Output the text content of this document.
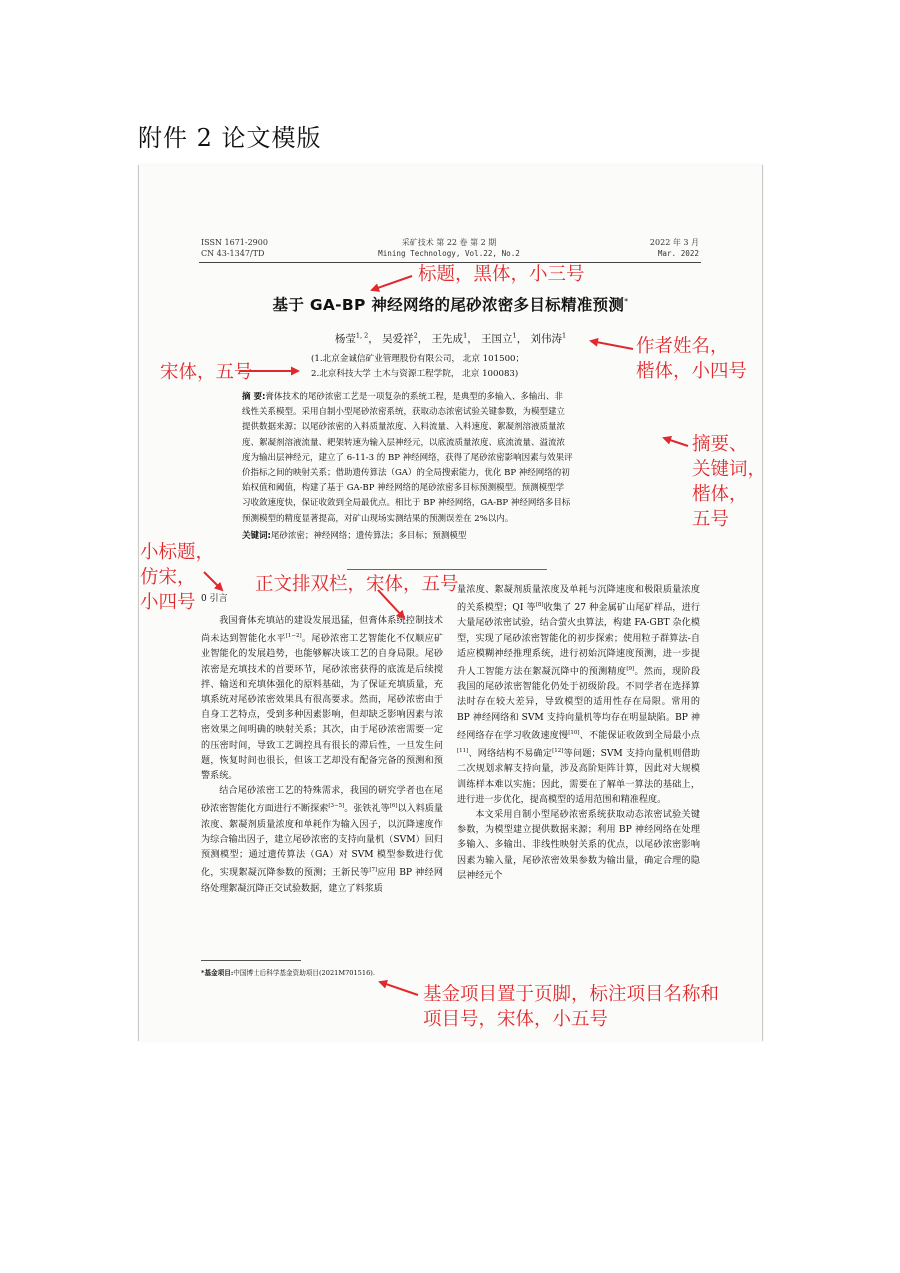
附件 2 论文模版
ISSN 1671-2900
CN 43-1347/TD
采矿技术 第 22 卷 第 2 期
Mining Technology, Vol.22, No.2
2022 年 3 月
Mar. 2022
基于 GA-BP 神经网络的尾砂浓密多目标精准预测*
杨莹$^{1, 2}$， 吴爱祥$^2$， 王先成$^1$， 王国立$^1$， 刘伟涛$^1$
(1.北京金诚信矿业管理股份有限公司， 北京 101500；
2.北京科技大学 土木与资源工程学院， 北京 100083)
摘 要:膏体技术的尾砂浓密工艺是一项复杂的系统工程，是典型的多输入、多输出、非
线性关系模型。采用自制小型尾砂浓密系统，获取动态浓密试验关键参数，为模型建立
提供数据来源；以尾砂浓密的入料质量浓度、入料流量、入料速度、絮凝剂溶液质量浓
度、絮凝剂溶液流量、耙架转速为输入层神经元，以底流质量浓度、底流流量、溢流浓
度为输出层神经元，建立了 6-11-3 的 BP 神经网络，获得了尾砂浓密影响因素与效果评
价指标之间的映射关系；借助遗传算法（GA）的全局搜索能力，优化 BP 神经网络的初
始权值和阈值，构建了基于 GA-BP 神经网络的尾砂浓密多目标预测模型。预测模型学
习收敛速度快，保证收敛到全局最优点。相比于 BP 神经网络，GA-BP 神经网络多目标
预测模型的精度显著提高，对矿山现场实测结果的预测误差在 2%以内。
关键词:尾砂浓密；神经网络；遗传算法；多目标；预测模型
0 引言

我国膏体充填站的建设发展迅猛，但膏体系统控制技术尚未达到智能化水平[1−2]。尾砂浓密工艺智能化不仅顺应矿业智能化的发展趋势，也能够解决该工艺的自身局限。尾砂浓密是充填技术的首要环节，尾砂浓密获得的底流是后续搅拌、输送和充填体强化的原料基础，为了保证充填质量，充填系统对尾砂浓密效果具有很高要求。然而，尾砂浓密由于自身工艺特点，受到多种因素影响，但却缺乏影响因素与浓密效果之间明确的映射关系；其次，由于尾砂浓密需要一定的压密时间，导致工艺调控具有很长的滞后性，一旦发生问题，恢复时间也很长，但该工艺却没有配备完备的预测和预警系统。

结合尾砂浓密工艺的特殊需求，我国的研究学者也在尾砂浓密智能化方面进行不断探索[3−5]。张铁礼等[6]以入料质量浓度、絮凝剂质量浓度和单耗作为输入因子，以沉降速度作为综合输出因子，建立尾砂浓密的支持向量机（SVM）回归预测模型；通过遗传算法（GA）对 SVM 模型参数进行优化，实现絮凝沉降参数的预测；王新民等[7]应用 BP 神经网络处理絮凝沉降正交试验数据，建立了料浆质

量浓度、絮凝剂质量浓度及单耗与沉降速度和极限质量浓度的关系模型；QI 等[8]收集了 27 种金属矿山尾矿样品，进行大量尾砂浓密试验，结合萤火虫算法，构建 FA-GBT 杂化模型，实现了尾砂浓密智能化的初步探索；使用粒子群算法-自适应模糊神经推理系统，进行初始沉降速度预测，进一步提升人工智能方法在絮凝沉降中的预测精度[9]。然而，现阶段我国的尾砂浓密智能化仍处于初级阶段。不同学者在选择算法时存在较大差异，导致模型的适用性存在局限。常用的 BP 神经网络和 SVM 支持向量机等均存在明显缺陷。BP 神经网络存在学习收敛速度慢[10]、不能保证收敛到全局最小点[11]、网络结构不易确定[12]等问题；SVM 支持向量机则借助二次规划求解支持向量，涉及高阶矩阵计算，因此对大规模训练样本难以实施；因此，需要在了解单一算法的基础上，进行进一步优化，提高模型的适用范围和精准程度。

本文采用自制小型尾砂浓密系统获取动态浓密试验关键参数，为模型建立提供数据来源；利用 BP 神经网络在处理多输入、多输出、非线性映射关系的优点，以尾砂浓密影响因素为输入量，尾砂浓密效果参数为输出量，确定合理的隐层神经元个

*基金项目:中国博士后科学基金资助项目(2021M701516).
标题，黑体，小三号
宋体，五号
作者姓名，
楷体，小四号
摘要、
关键词，
楷体，
五号
小标题，
仿宋，
小四号
正文排双栏，宋体，五号
基金项目置于页脚，标注项目名称和
项目号，宋体，小五号
